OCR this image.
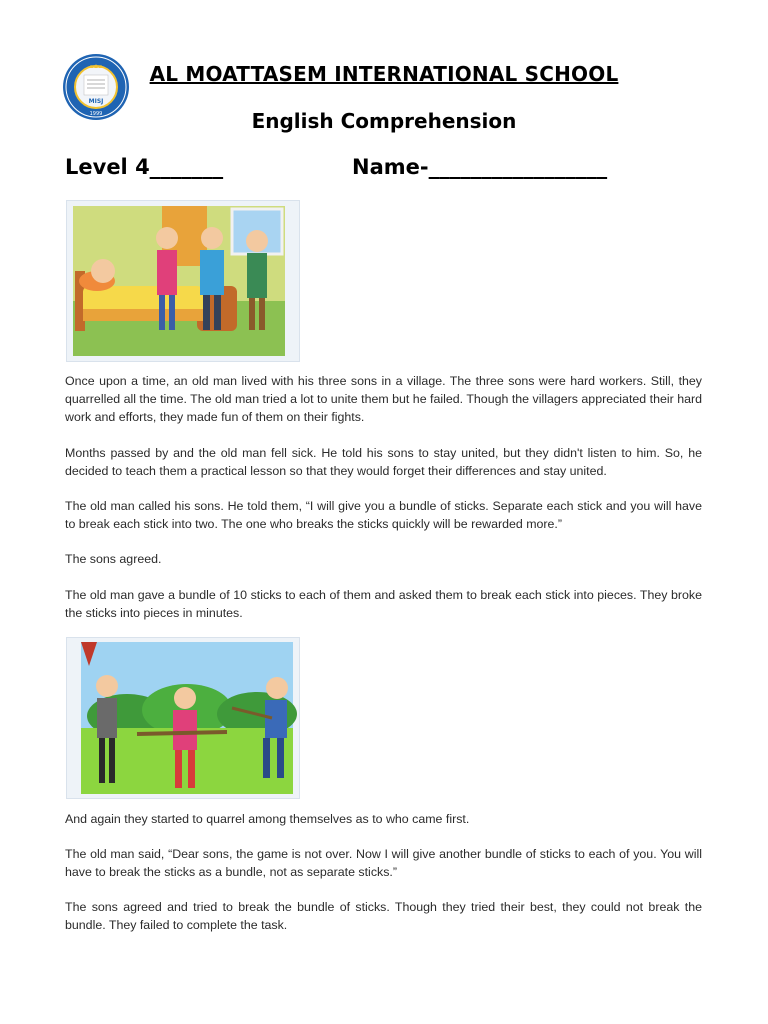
MISJ
1999
AL MOATTASEM INTERNATIONAL SCHOOL
English Comprehension
Level 4_______	Name-_________________

Once upon a time, an old man lived with his three sons in a village. The three sons were hard workers. Still, they quarrelled all the time. The old man tried a lot to unite them but he failed. Though the villagers appreciated their hard work and efforts, they made fun of them on their fights.

Months passed by and the old man fell sick. He told his sons to stay united, but they didn't listen to him. So, he decided to teach them a practical lesson so that they would forget their differences and stay united.

The old man called his sons. He told them, “I will give you a bundle of sticks. Separate each stick and you will have to break each stick into two. The one who breaks the sticks quickly will be rewarded more.”

The sons agreed.

The old man gave a bundle of 10 sticks to each of them and asked them to break each stick into pieces. They broke the sticks into pieces in minutes.

And again they started to quarrel among themselves as to who came first.

The old man said, “Dear sons, the game is not over. Now I will give another bundle of sticks to each of you. You will have to break the sticks as a bundle, not as separate sticks.”

The sons agreed and tried to break the bundle of sticks. Though they tried their best, they could not break the bundle. They failed to complete the task.
